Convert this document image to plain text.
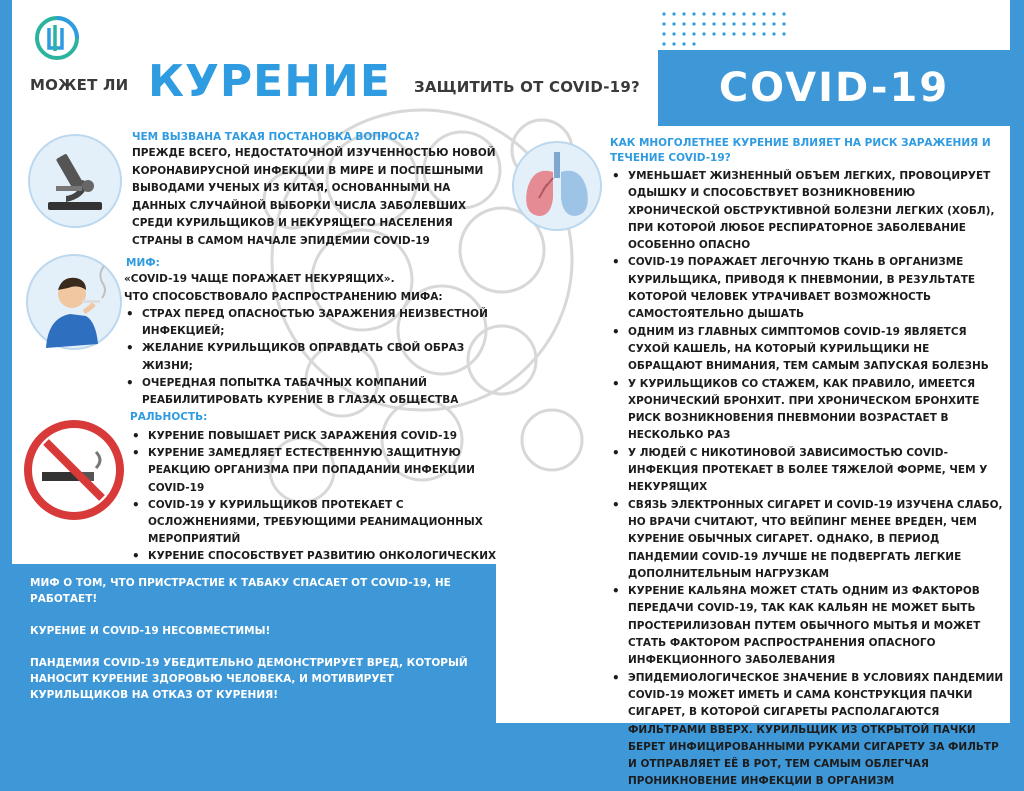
МОЖЕТ ЛИ КУРЕНИЕ ЗАЩИТИТЬ ОТ COVID-19?	COVID-19
ЧЕМ ВЫЗВАНА ТАКАЯ ПОСТАНОВКА ВОПРОСА?
ПРЕЖДЕ ВСЕГО, НЕДОСТАТОЧНОЙ ИЗУЧЕННОСТЬЮ НОВОЙ КОРОНАВИРУСНОЙ ИНФЕКЦИИ В МИРЕ И ПОСПЕШНЫМИ ВЫВОДАМИ УЧЕНЫХ ИЗ КИТАЯ, ОСНОВАННЫМИ НА ДАННЫХ СЛУЧАЙНОЙ ВЫБОРКИ ЧИСЛА ЗАБОЛЕВШИХ СРЕДИ КУРИЛЬЩИКОВ И НЕКУРЯЩЕГО НАСЕЛЕНИЯ СТРАНЫ В САМОМ НАЧАЛЕ ЭПИДЕМИИ COVID-19
МИФ:
«COVID-19 ЧАЩЕ ПОРАЖАЕТ НЕКУРЯЩИХ».
ЧТО СПОСОБСТВОВАЛО РАСПРОСТРАНЕНИЮ МИФА:
• СТРАХ ПЕРЕД ОПАСНОСТЬЮ ЗАРАЖЕНИЯ НЕИЗВЕСТНОЙ ИНФЕКЦИЕЙ;
• ЖЕЛАНИЕ КУРИЛЬЩИКОВ ОПРАВДАТЬ СВОЙ ОБРАЗ ЖИЗНИ;
• ОЧЕРЕДНАЯ ПОПЫТКА ТАБАЧНЫХ КОМПАНИЙ РЕАБИЛИТИРОВАТЬ КУРЕНИЕ В ГЛАЗАХ ОБЩЕСТВА
РАЛЬНОСТЬ:
• КУРЕНИЕ ПОВЫШАЕТ РИСК ЗАРАЖЕНИЯ COVID-19
• КУРЕНИЕ ЗАМЕДЛЯЕТ ЕСТЕСТВЕННУЮ ЗАЩИТНУЮ РЕАКЦИЮ ОРГАНИЗМА ПРИ ПОПАДАНИИ ИНФЕКЦИИ COVID-19
• COVID-19 У КУРИЛЬЩИКОВ ПРОТЕКАЕТ С ОСЛОЖНЕНИЯМИ, ТРЕБУЮЩИМИ РЕАНИМАЦИОННЫХ МЕРОПРИЯТИЙ
• КУРЕНИЕ СПОСОБСТВУЕТ РАЗВИТИЮ ОНКОЛОГИЧЕСКИХ
КАК МНОГОЛЕТНЕЕ КУРЕНИЕ ВЛИЯЕТ НА РИСК ЗАРАЖЕНИЯ И ТЕЧЕНИЕ COVID-19?
• УМЕНЬШАЕТ ЖИЗНЕННЫЙ ОБЪЕМ ЛЕГКИХ, ПРОВОЦИРУЕТ ОДЫШКУ И СПОСОБСТВУЕТ ВОЗНИКНОВЕНИЮ ХРОНИЧЕСКОЙ ОБСТРУКТИВНОЙ БОЛЕЗНИ ЛЕГКИХ (ХОБЛ), ПРИ КОТОРОЙ ЛЮБОЕ РЕСПИРАТОРНОЕ ЗАБОЛЕВАНИЕ ОСОБЕННО ОПАСНО
• COVID-19 ПОРАЖАЕТ ЛЕГОЧНУЮ ТКАНЬ В ОРГАНИЗМЕ КУРИЛЬЩИКА, ПРИВОДЯ К ПНЕВМОНИИ, В РЕЗУЛЬТАТЕ КОТОРОЙ ЧЕЛОВЕК УТРАЧИВАЕТ ВОЗМОЖНОСТЬ САМОСТОЯТЕЛЬНО ДЫШАТЬ
• ОДНИМ ИЗ ГЛАВНЫХ СИМПТОМОВ COVID-19 ЯВЛЯЕТСЯ СУХОЙ КАШЕЛЬ, НА КОТОРЫЙ КУРИЛЬЩИКИ НЕ ОБРАЩАЮТ ВНИМАНИЯ, ТЕМ САМЫМ ЗАПУСКАЯ БОЛЕЗНЬ
• У КУРИЛЬЩИКОВ СО СТАЖЕМ, КАК ПРАВИЛО, ИМЕЕТСЯ ХРОНИЧЕСКИЙ БРОНХИТ. ПРИ ХРОНИЧЕСКОМ БРОНХИТЕ РИСК ВОЗНИКНОВЕНИЯ ПНЕВМОНИИ ВОЗРАСТАЕТ В НЕСКОЛЬКО РАЗ
• У ЛЮДЕЙ С НИКОТИНОВОЙ ЗАВИСИМОСТЬЮ COVID-ИНФЕКЦИЯ ПРОТЕКАЕТ В БОЛЕЕ ТЯЖЕЛОЙ ФОРМЕ, ЧЕМ У НЕКУРЯЩИХ
• СВЯЗЬ ЭЛЕКТРОННЫХ СИГАРЕТ И COVID-19 ИЗУЧЕНА СЛАБО, НО ВРАЧИ СЧИТАЮТ, ЧТО ВЕЙПИНГ МЕНЕЕ ВРЕДЕН, ЧЕМ КУРЕНИЕ ОБЫЧНЫХ СИГАРЕТ. ОДНАКО, В ПЕРИОД ПАНДЕМИИ COVID-19 ЛУЧШЕ НЕ ПОДВЕРГАТЬ ЛЕГКИЕ ДОПОЛНИТЕЛЬНЫМ НАГРУЗКАМ
• КУРЕНИЕ КАЛЬЯНА МОЖЕТ СТАТЬ ОДНИМ ИЗ ФАКТОРОВ ПЕРЕДАЧИ COVID-19, ТАК КАК КАЛЬЯН НЕ МОЖЕТ БЫТЬ ПРОСТЕРИЛИЗОВАН ПУТЕМ ОБЫЧНОГО МЫТЬЯ И МОЖЕТ СТАТЬ ФАКТОРОМ РАСПРОСТРАНЕНИЯ ОПАСНОГО ИНФЕКЦИОННОГО ЗАБОЛЕВАНИЯ
• ЭПИДЕМИОЛОГИЧЕСКОЕ ЗНАЧЕНИЕ В УСЛОВИЯХ ПАНДЕМИИ COVID-19 МОЖЕТ ИМЕТЬ И САМА КОНСТРУКЦИЯ ПАЧКИ СИГАРЕТ, В КОТОРОЙ СИГАРЕТЫ РАСПОЛАГАЮТСЯ ФИЛЬТРАМИ ВВЕРХ. КУРИЛЬЩИК ИЗ ОТКРЫТОЙ ПАЧКИ БЕРЕТ ИНФИЦИРОВАННЫМИ РУКАМИ СИГАРЕТУ ЗА ФИЛЬТР И ОТПРАВЛЯЕТ ЕЁ В РОТ, ТЕМ САМЫМ ОБЛЕГЧАЯ ПРОНИКНОВЕНИЕ ИНФЕКЦИИ В ОРГАНИЗМ

МИФ О ТОМ, ЧТО ПРИСТРАСТИЕ К ТАБАКУ СПАСАЕТ ОТ COVID-19, НЕ РАБОТАЕТ!

КУРЕНИЕ И COVID-19 НЕСОВМЕСТИМЫ!

ПАНДЕМИЯ COVID-19 УБЕДИТЕЛЬНО ДЕМОНСТРИРУЕТ ВРЕД, КОТОРЫЙ НАНОСИТ КУРЕНИЕ ЗДОРОВЬЮ ЧЕЛОВЕКА, И МОТИВИРУЕТ КУРИЛЬЩИКОВ НА ОТКАЗ ОТ КУРЕНИЯ!
